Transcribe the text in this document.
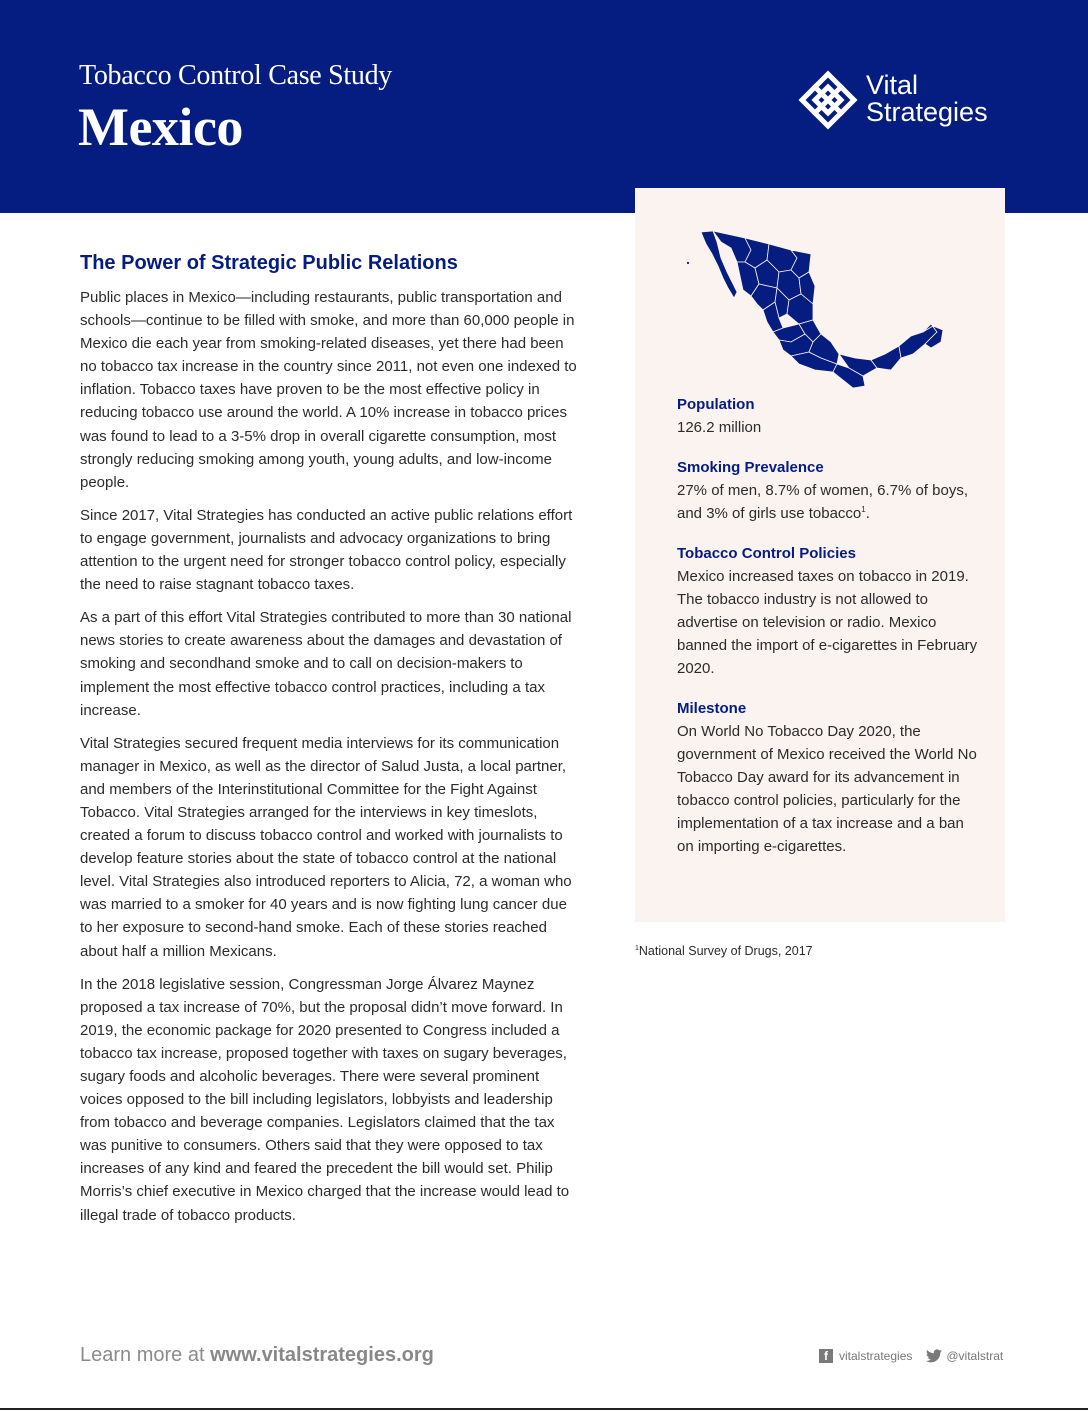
Tobacco Control Case Study
Mexico
Vital
Strategies
Population
126.2 million
Smoking Prevalence
27% of men, 8.7% of women, 6.7% of boys, and 3% of girls use tobacco$^1$.
Tobacco Control Policies
Mexico increased taxes on tobacco in 2019. The tobacco industry is not allowed to advertise on television or radio. Mexico banned the import of e-cigarettes in February 2020.
Milestone
On World No Tobacco Day 2020, the government of Mexico received the World No Tobacco Day award for its advancement in tobacco control policies, particularly for the implementation of a tax increase and a ban on importing e-cigarettes.
$^1$National Survey of Drugs, 2017
The Power of Strategic Public Relations

Public places in Mexico—including restaurants, public transportation and schools—continue to be filled with smoke, and more than 60,000 people in Mexico die each year from smoking-related diseases, yet there had been no tobacco tax increase in the country since 2011, not even one indexed to inflation. Tobacco taxes have proven to be the most effective policy in reducing tobacco use around the world. A 10% increase in tobacco prices was found to lead to a 3-5% drop in overall cigarette consumption, most strongly reducing smoking among youth, young adults, and low-income people.

Since 2017, Vital Strategies has conducted an active public relations effort to engage government, journalists and advocacy organizations to bring attention to the urgent need for stronger tobacco control policy, especially the need to raise stagnant tobacco taxes.

As a part of this effort Vital Strategies contributed to more than 30 national news stories to create awareness about the damages and devastation of smoking and secondhand smoke and to call on decision-makers to implement the most effective tobacco control practices, including a tax increase.

Vital Strategies secured frequent media interviews for its communication manager in Mexico, as well as the director of Salud Justa, a local partner, and members of the Interinstitutional Committee for the Fight Against Tobacco. Vital Strategies arranged for the interviews in key timeslots, created a forum to discuss tobacco control and worked with journalists to develop feature stories about the state of tobacco control at the national level. Vital Strategies also introduced reporters to Alicia, 72, a woman who was married to a smoker for 40 years and is now fighting lung cancer due to her exposure to second-hand smoke. Each of these stories reached about half a million Mexicans.

In the 2018 legislative session, Congressman Jorge Álvarez Maynez proposed a tax increase of 70%, but the proposal didn’t move forward. In 2019, the economic package for 2020 presented to Congress included a tobacco tax increase, proposed together with taxes on sugary beverages, sugary foods and alcoholic beverages. There were several prominent voices opposed to the bill including legislators, lobbyists and leadership from tobacco and beverage companies. Legislators claimed that the tax was punitive to consumers. Others said that they were opposed to tax increases of any kind and feared the precedent the bill would set. Philip Morris’s chief executive in Mexico charged that the increase would lead to illegal trade of tobacco products.

Learn more at www.vitalstrategies.org	f vitalstrategies	@vitalstrat
